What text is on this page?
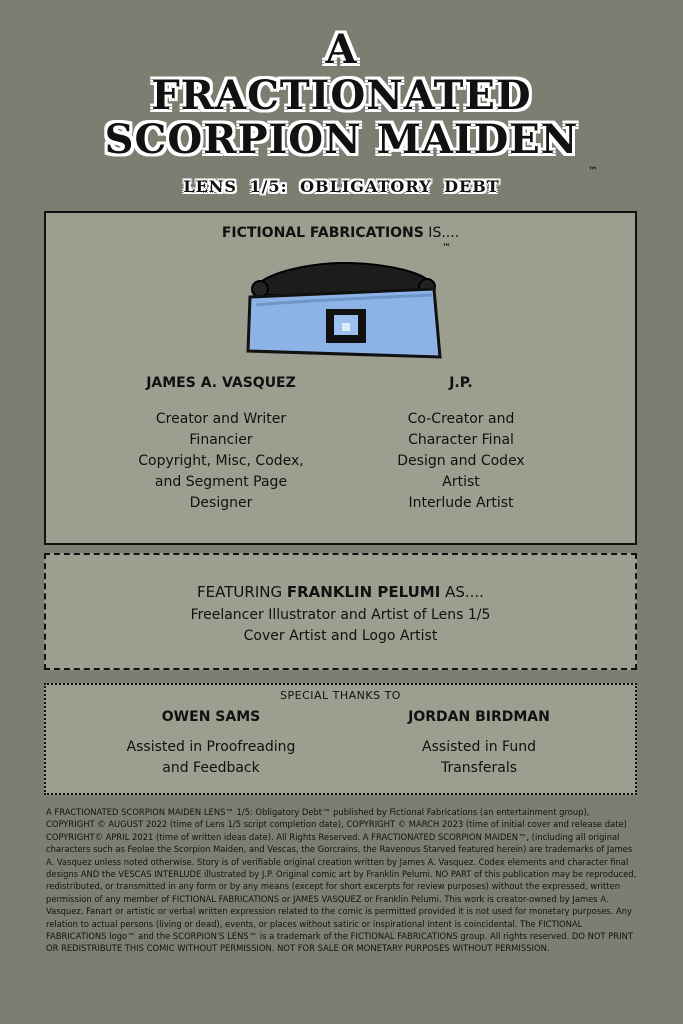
A
FRACTIONATED
SCORPION MAIDEN
™
LENS 1/5: OBLIGATORY DEBT
FICTIONAL FABRICATIONS IS....
™
JAMES A. VASQUEZ	J.P.
Creator and Writer
Financier
Copyright, Misc, Codex,
and Segment Page
Designer
Co-Creator and
Character Final
Design and Codex
Artist
Interlude Artist
FEATURING FRANKLIN PELUMI AS....
Freelancer Illustrator and Artist of Lens 1/5
Cover Artist and Logo Artist
SPECIAL THANKS TO
OWEN SAMS	JORDAN BIRDMAN
Assisted in Proofreading
and Feedback
Assisted in Fund
Transferals
A FRACTIONATED SCORPION MAIDEN LENS™ 1/5: Obligatory Debt™ published by Fictional Fabrications (an entertainment group), COPYRIGHT © AUGUST 2022 (time of Lens 1/5 script completion date), COPYRIGHT © MARCH 2023 (time of initial cover and release date) COPYRIGHT© APRIL 2021 (time of written ideas date). All Rights Reserved. A FRACTIONATED SCORPION MAIDEN™, (including all original characters such as Feolae the Scorpion Maiden, and Vescas, the Gorcrains, the Ravenous Starved featured herein) are trademarks of James A. Vasquez unless noted otherwise. Story is of verifiable original creation written by James A. Vasquez. Codex elements and character final designs AND the VESCAS INTERLUDE illustrated by J.P. Original comic art by Franklin Pelumi. NO PART of this publication may be reproduced, redistributed, or transmitted in any form or by any means (except for short excerpts for review purposes) without the expressed, written permission of any member of FICTIONAL FABRICATIONS or JAMES VASQUEZ or Franklin Pelumi. This work is creator-owned by James A. Vasquez. Fanart or artistic or verbal written expression related to the comic is permitted provided it is not used for monetary purposes. Any relation to actual persons (living or dead), events, or places without satiric or inspirational intent is coincidental. The FICTIONAL FABRICATIONS logo™ and the SCORPION'S LENS™ is a trademark of the FICTIONAL FABRICATIONS group. All rights reserved. DO NOT PRINT OR REDISTRIBUTE THIS COMIC WITHOUT PERMISSION. NOT FOR SALE OR MONETARY PURPOSES WITHOUT PERMISSION.
